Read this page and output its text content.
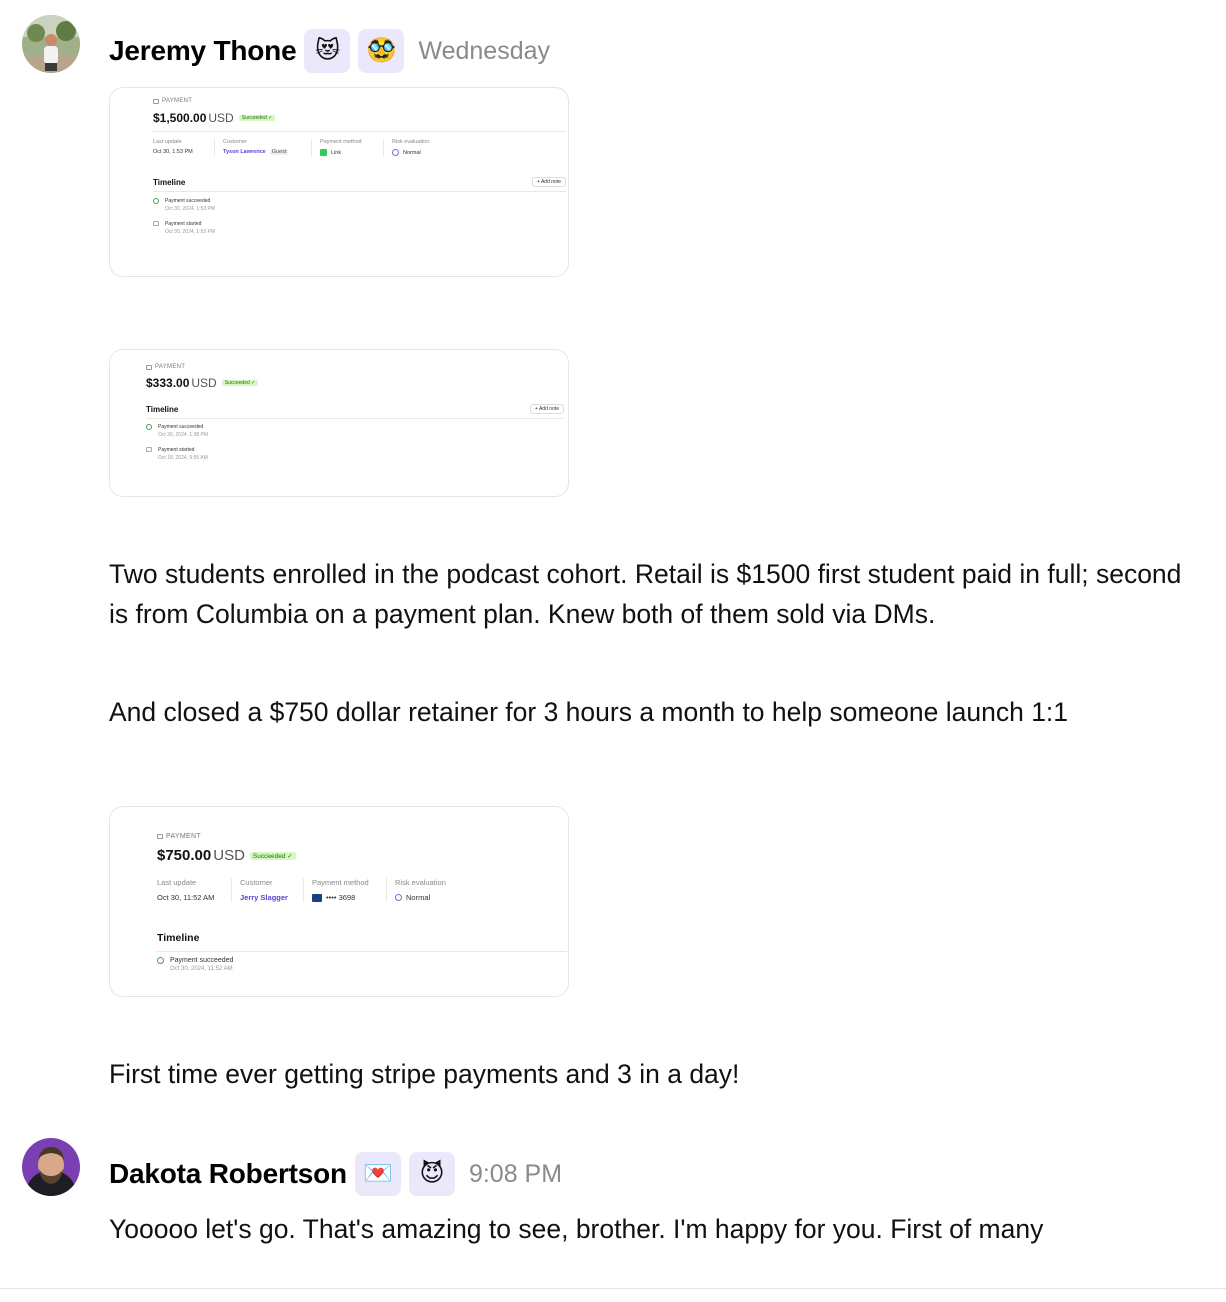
Jeremy Thone 😻	🥸 Wednesday
PAYMENT
$1,500.00 USD	Succeeded ✓
Last update
Oct 30, 1:53 PM
Customer
Tyson Lawrence	Guest
Payment method
Link
Risk evaluation
Normal
Timeline	+ Add note
Payment succeeded
Oct 30, 2024, 1:53 PM
Payment started
Oct 30, 2024, 1:53 PM
PAYMENT
$333.00 USD	Succeeded ✓
Timeline	+ Add note
Payment succeeded
Oct 30, 2024, 1:38 PM
Payment started
Oct 18, 2024, 9:55 AM
Two students enrolled in the podcast cohort. Retail is $1500 first student paid in full; second is from Columbia on a payment plan. Knew both of them sold via DMs.
And closed a $750 dollar retainer for 3 hours a month to help someone launch 1:1
PAYMENT
$750.00 USD	Succeeded ✓
Last update
Oct 30, 11:52 AM
Customer
Jerry Slagger
Payment method
•••• 3698
Risk evaluation
Normal
Timeline
Payment succeeded
Oct 30, 2024, 11:52 AM
First time ever getting stripe payments and 3 in a day!
Dakota Robertson 💌	😈 9:08 PM
Yooooo let's go. That's amazing to see, brother. I'm happy for you. First of many
